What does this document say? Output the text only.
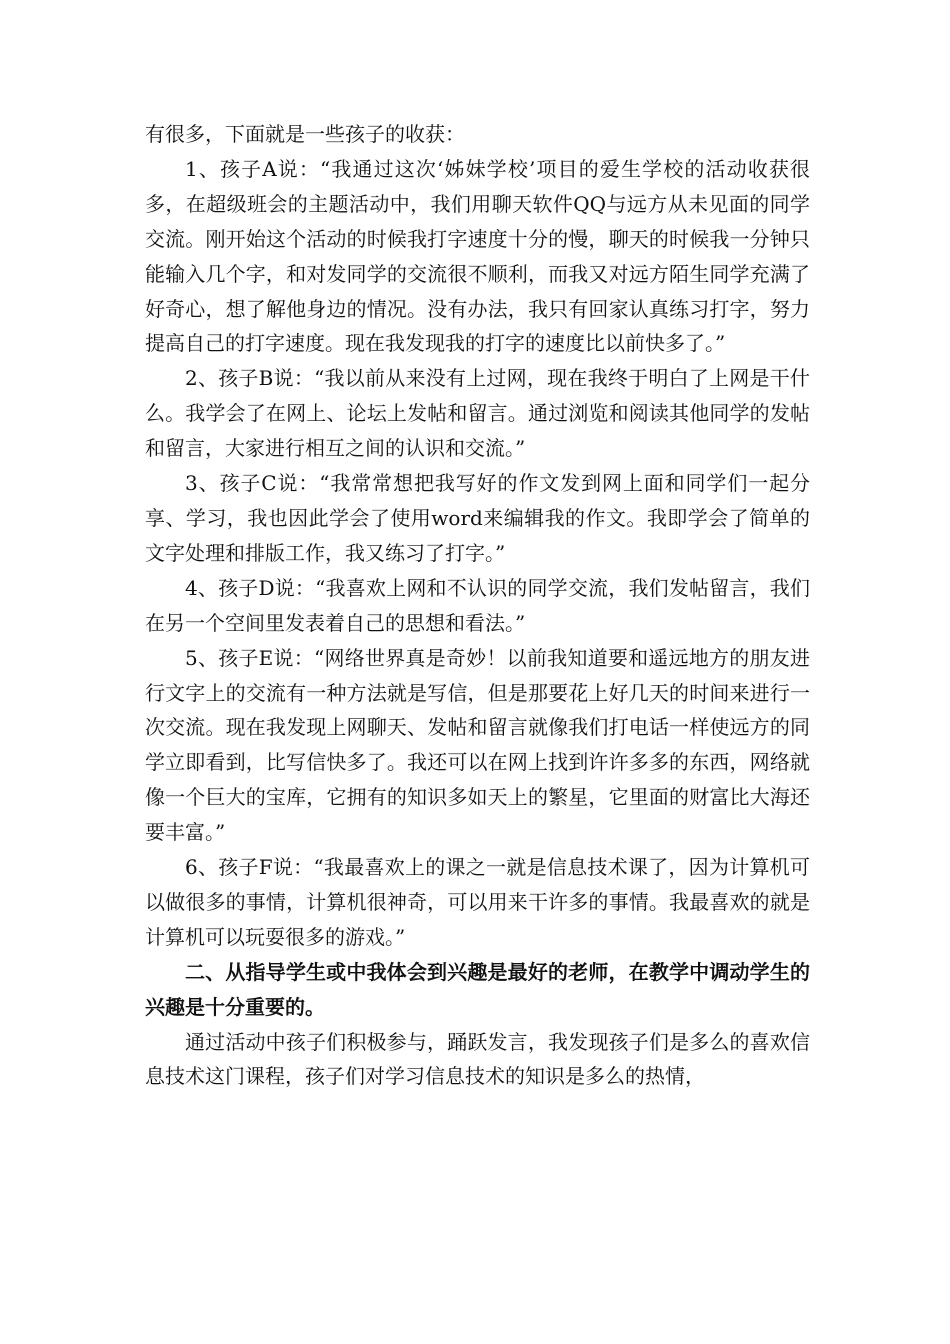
有很多，下面就是一些孩子的收获：

1、孩子A说：“我通过这次‘姊妹学校’项目的爱生学校的活动收获很多，在超级班会的主题活动中，我们用聊天软件QQ与远方从未见面的同学交流。刚开始这个活动的时候我打字速度十分的慢，聊天的时候我一分钟只能输入几个字，和对发同学的交流很不顺利，而我又对远方陌生同学充满了好奇心，想了解他身边的情况。没有办法，我只有回家认真练习打字，努力提高自己的打字速度。现在我发现我的打字的速度比以前快多了。”

2、孩子B说：“我以前从来没有上过网，现在我终于明白了上网是干什么。我学会了在网上、论坛上发帖和留言。通过浏览和阅读其他同学的发帖和留言，大家进行相互之间的认识和交流。”

3、孩子C说：“我常常想把我写好的作文发到网上面和同学们一起分享、学习，我也因此学会了使用word来编辑我的作文。我即学会了简单的文字处理和排版工作，我又练习了打字。”

4、孩子D说：“我喜欢上网和不认识的同学交流，我们发帖留言，我们在另一个空间里发表着自己的思想和看法。”

5、孩子E说：“网络世界真是奇妙！以前我知道要和遥远地方的朋友进行文字上的交流有一种方法就是写信，但是那要花上好几天的时间来进行一次交流。现在我发现上网聊天、发帖和留言就像我们打电话一样使远方的同学立即看到，比写信快多了。我还可以在网上找到许许多多的东西，网络就像一个巨大的宝库，它拥有的知识多如天上的繁星，它里面的财富比大海还要丰富。”

6、孩子F说：“我最喜欢上的课之一就是信息技术课了，因为计算机可以做很多的事情，计算机很神奇，可以用来干许多的事情。我最喜欢的就是计算机可以玩耍很多的游戏。”

二、从指导学生或中我体会到兴趣是最好的老师，在教学中调动学生的兴趣是十分重要的。

通过活动中孩子们积极参与，踊跃发言，我发现孩子们是多么的喜欢信息技术这门课程，孩子们对学习信息技术的知识是多么的热情，
